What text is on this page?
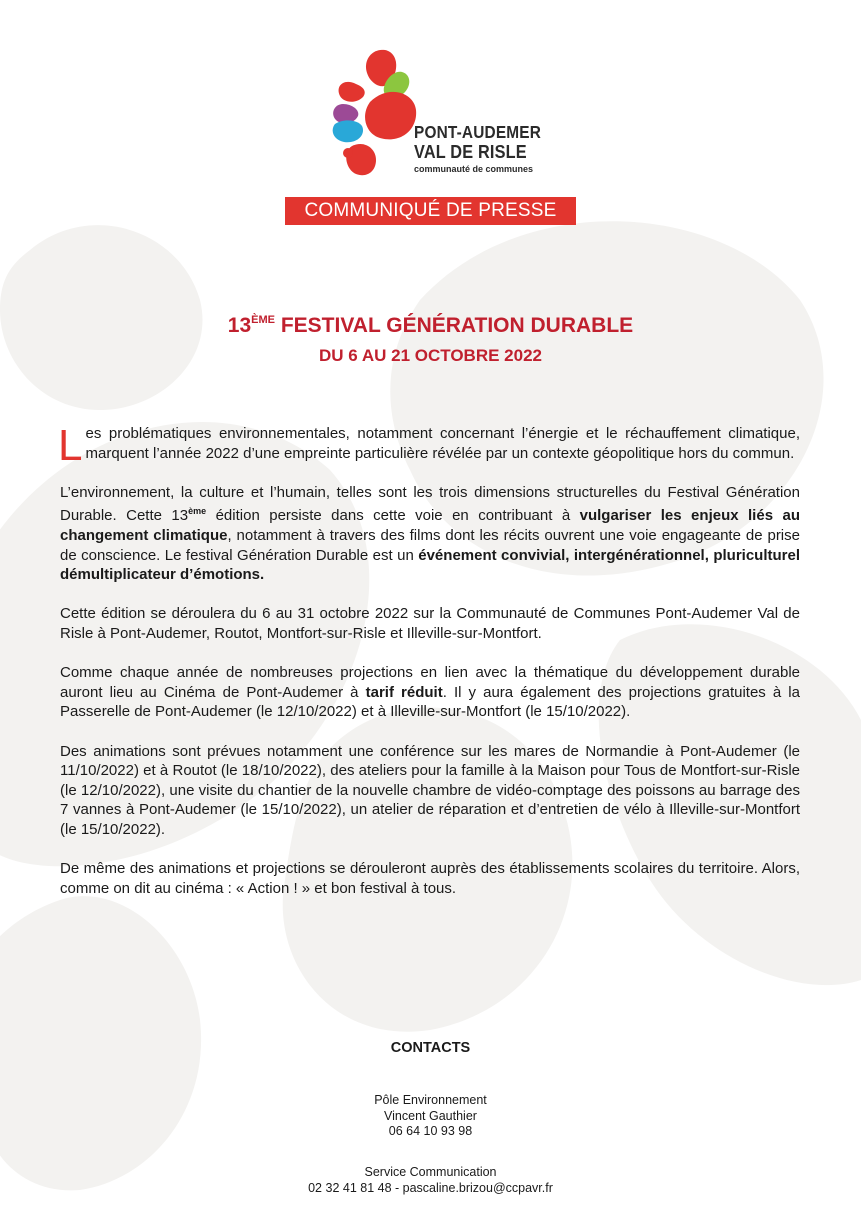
PONT-AUDEMER
VAL DE RISLE
communauté de communes
COMMUNIQUÉ DE PRESSE
13ÈME FESTIVAL GÉNÉRATION DURABLE
DU 6 AU 21 OCTOBRE 2022

Les problématiques environnementales, notamment concernant l’énergie et le réchauffement climatique, marquent l’année 2022 d’une empreinte particulière révélée par un contexte géopolitique hors du commun.

L’environnement, la culture et l’humain, telles sont les trois dimensions structurelles du Festival Génération Durable. Cette 13ème édition persiste dans cette voie en contribuant à vulgariser les enjeux liés au changement climatique, notamment à travers des films dont les récits ouvrent une voie engageante de prise de conscience. Le festival Génération Durable est un événement convivial, intergénérationnel, pluriculturel démultiplicateur d’émotions.

Cette édition se déroulera du 6 au 31 octobre 2022 sur la Communauté de Communes Pont-Audemer Val de Risle à Pont-Audemer, Routot, Montfort-sur-Risle et Illeville-sur-Montfort.

Comme chaque année de nombreuses projections en lien avec la thématique du développement durable auront lieu au Cinéma de Pont-Audemer à tarif réduit. Il y aura également des projections gratuites à la Passerelle de Pont-Audemer (le 12/10/2022) et à Illeville-sur-Montfort (le 15/10/2022).

Des animations sont prévues notamment une conférence sur les mares de Normandie à Pont-Audemer (le 11/10/2022) et à Routot (le 18/10/2022), des ateliers pour la famille à la Maison pour Tous de Montfort-sur-Risle (le 12/10/2022), une visite du chantier de la nouvelle chambre de vidéo-comptage des poissons au barrage des 7 vannes à Pont-Audemer (le 15/10/2022), un atelier de réparation et d’entretien de vélo à Illeville-sur-Montfort (le 15/10/2022).

De même des animations et projections se dérouleront auprès des établissements scolaires du territoire. Alors, comme on dit au cinéma : « Action ! » et bon festival à tous.

CONTACTS
Pôle Environnement
Vincent Gauthier
06 64 10 93 98
Service Communication
02 32 41 81 48 - pascaline.brizou@ccpavr.fr
